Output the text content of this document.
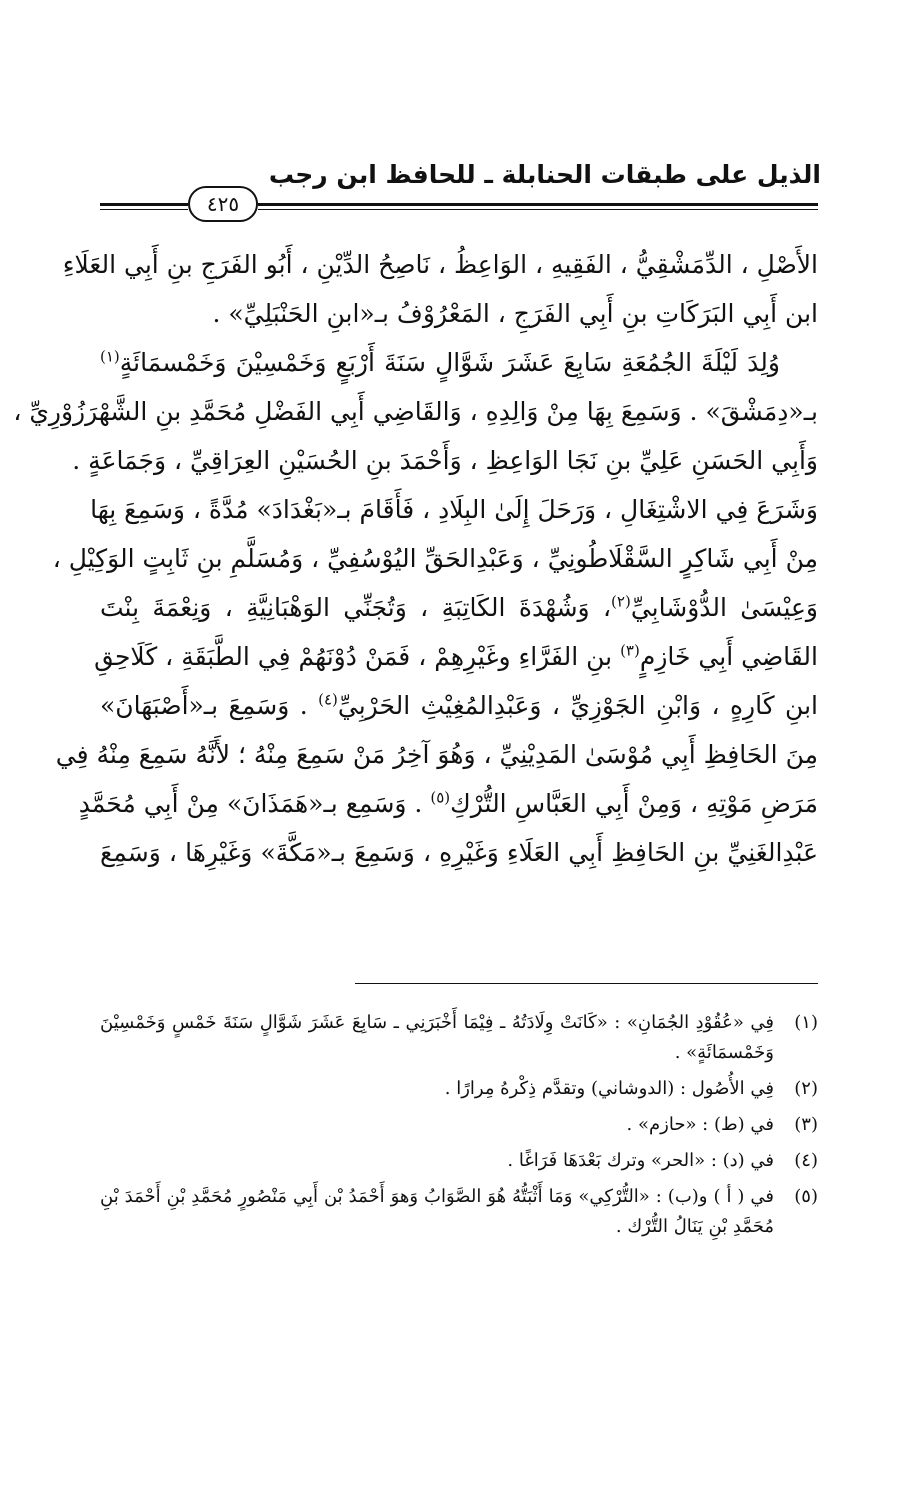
الذيل على طبقات الحنابلة ـ للحافظ ابن رجب
٤٢٥
الأَصْلِ ، الدِّمَشْقِيُّ ، الفَقِيهِ ، الوَاعِظُ ، نَاصِحُ الدِّيْنِ ، أَبُو الفَرَجِ بنِ أَبِي العَلَاءِ
ابن أَبِي البَرَكَاتِ بنِ أَبِي الفَرَجِ ، المَعْرُوْفُ بـ«ابنِ الحَنْبَلِيِّ» .
وُلِدَ لَيْلَةَ الجُمُعَةِ سَابِعَ عَشَرَ شَوَّالٍ سَنَةَ أَرْبَعٍ وَخَمْسِيْنَ وَخَمْسمَائَةٍ$^{(١)}$
بـ«دِمَشْقَ» . وَسَمِعَ بِهَا مِنْ وَالِدِهِ ، وَالقَاضِي أَبِي الفَضْلِ مُحَمَّدِ بنِ الشَّهْرَزُوْرِيِّ ،
وَأَبِي الحَسَنِ عَلِيِّ بنِ نَجَا الوَاعِظِ ، وَأَحْمَدَ بنِ الحُسَيْنِ العِرَاقِيِّ ، وَجَمَاعَةٍ .
وَشَرَعَ فِي الاشْتِغَالِ ، وَرَحَلَ إِلَىٰ البِلَادِ ، فَأَقَامَ بـ«بَغْدَادَ» مُدَّةً ، وَسَمِعَ بِهَا
مِنْ أَبِي شَاكِرٍ السَّقْلَاطُونِيِّ ، وَعَبْدِالحَقِّ اليُوْسُفِيِّ ، وَمُسَلَّمِ بنِ ثَابِتٍ الوَكِيْلِ ،
وَعِيْسَىٰ الدُّوْشَابِيِّ$^{(٢)}$، وَشُهْدَةَ الكَاتِبَةِ ، وَتُجَنِّي الوَهْبَانِيَّةِ ، وَنِعْمَةَ بِنْتَ
القَاضِي أَبِي خَازِمٍ$^{(٣)}$ بنِ الفَرَّاءِ وغَيْرِهِمْ ، فَمَنْ دُوْنَهُمْ فِي الطَّبَقَةِ ، كَلَاحِقِ
ابنِ كَارِهٍ ، وَابْنِ الجَوْزِيِّ ، وَعَبْدِالمُغِيْثِ الحَرْبِيِّ$^{(٤)}$ . وَسَمِعَ بـ«أَصْبَهَانَ»
مِنَ الحَافِظِ أَبِي مُوْسَىٰ المَدِيْنِيِّ ، وَهُوَ آخِرُ مَنْ سَمِعَ مِنْهُ ؛ لأَنَّهُ سَمِعَ مِنْهُ فِي
مَرَضِ مَوْتِهِ ، وَمِنْ أَبِي العَبَّاسِ التُّرْكِ$^{(٥)}$ . وَسَمِع بـ«هَمَذَانَ» مِنْ أَبِي مُحَمَّدٍ
عَبْدِالغَنِيِّ بنِ الحَافِظِ أَبِي العَلَاءِ وَغَيْرِهِ ، وَسَمِعَ بـ«مَكَّةَ» وَغَيْرِهَا ، وَسَمِعَ
(١)
فِي «عُقُوْدِ الجُمَانِ» : «كَانَتْ وِلَادَتُهُ ـ فِيْمَا أَخْبَرَنِي ـ سَابِعَ عَشَرَ شَوَّالٍ سَنَةَ خَمْسٍ وَخَمْسِيْنَ وَخَمْسمَائَةٍ» .
(٢)
فِي الأُصُول : (الدوشاني) وتقدَّم ذِكْرهُ مِرارًا .
(٣)
في (ط) : «حازم» .
(٤)
في (د) : «الحر» وترك بَعْدَهَا فَرَاغًا .
(٥)
في ( أ ) و(ب) : «التُّرْكِي» وَمَا أَثْبَتُّهُ هُوَ الصَّوَابُ وَهوَ أَحْمَدُ بْن أَبِي مَنْصُورٍ مُحَمَّدِ بْنِ أَحْمَدَ بْنِ مُحَمَّدِ بْنِ يَنَالُ التُّرْك .
